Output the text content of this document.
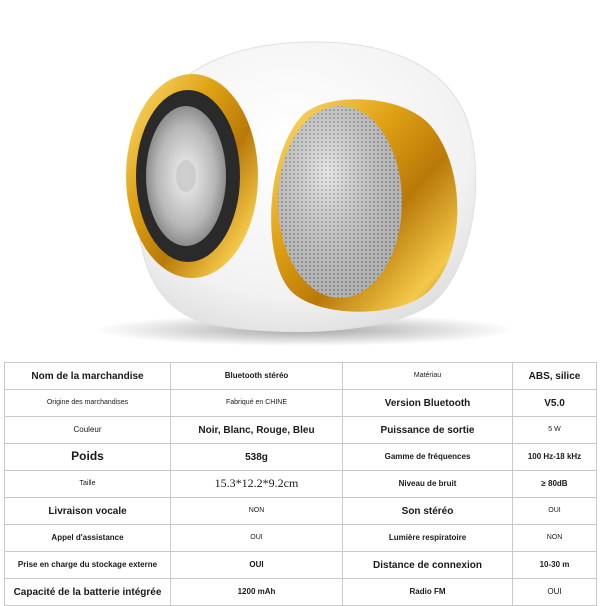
Nom de la marchandise	Bluetooth stéréo	Matériau	ABS, silice
Origine des marchandises	Fabriqué en CHINE	Version Bluetooth	V5.0
Couleur	Noir, Blanc, Rouge, Bleu	Puissance de sortie	5 W
Poids	538g	Gamme de fréquences	100 Hz-18 kHz
Taille	15.3*12.2*9.2cm	Niveau de bruit	≥ 80dB
Livraison vocale	NON	Son stéréo	OUI
Appel d'assistance	OUI	Lumière respiratoire	NON
Prise en charge du stockage externe	OUI	Distance de connexion	10-30 m
Capacité de la batterie intégrée	1200 mAh	Radio FM	OUI
